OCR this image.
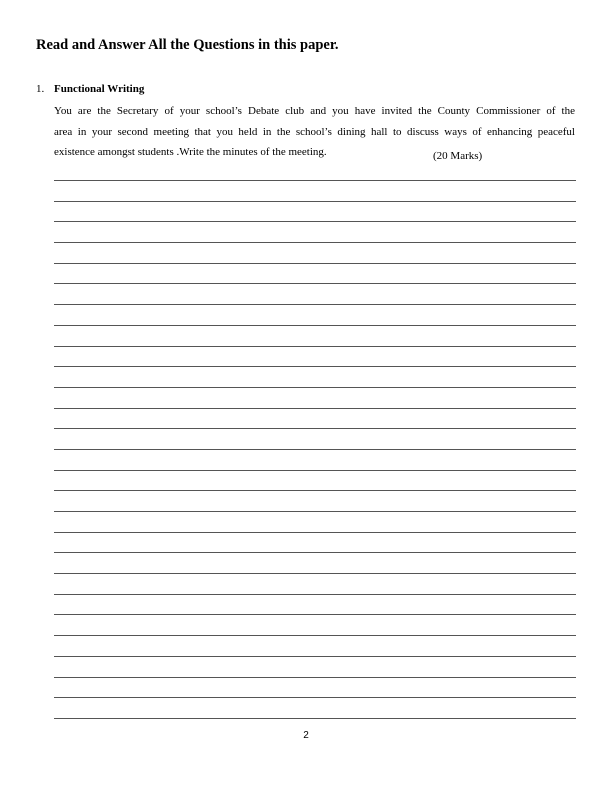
Read and Answer All the Questions in this paper.
1. Functional Writing
You are the Secretary of your school’s Debate club and you have invited the County Commissioner of the
area in your second meeting that you held in the school’s dining hall to discuss ways of enhancing peaceful
existence amongst students .Write the minutes of the meeting.	(20 Marks)
2
